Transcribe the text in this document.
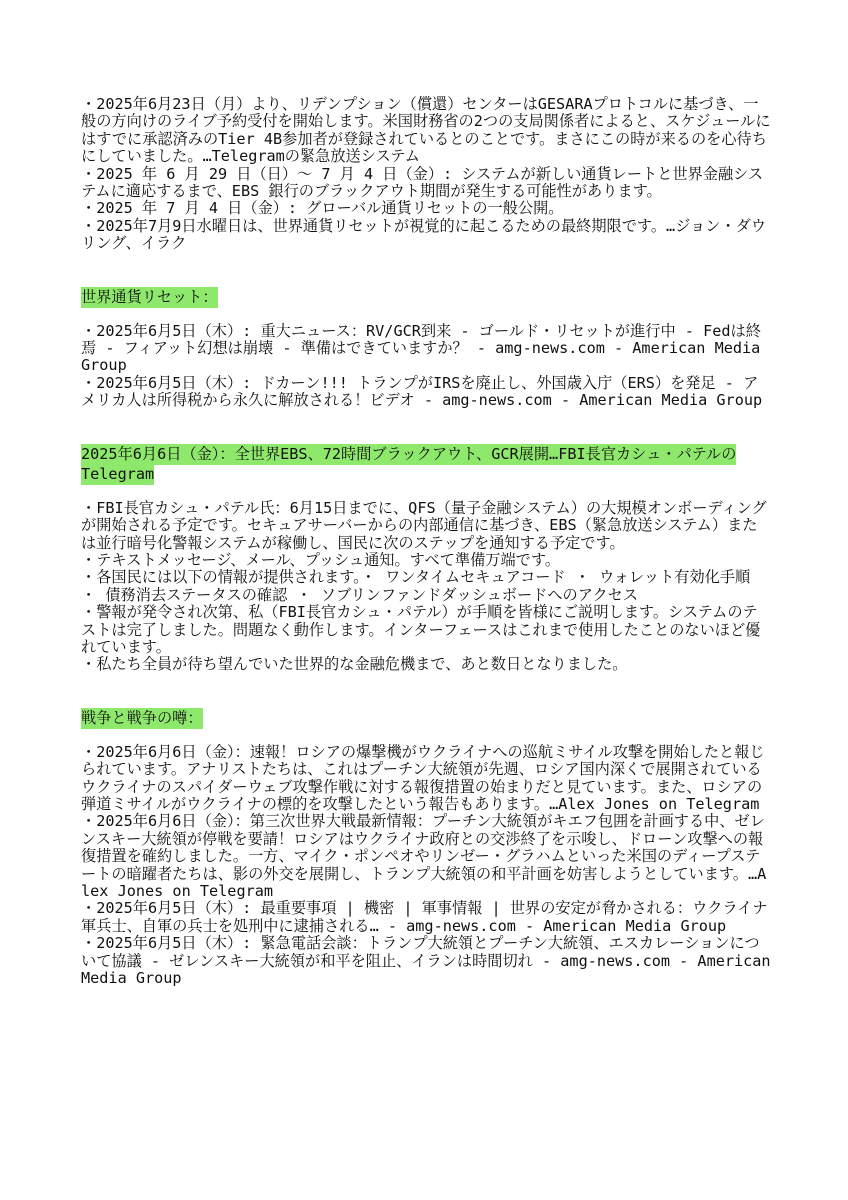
・2025年6月23日（月）より、リデンプション（償還）センターはGESARAプロトコルに基づき、一般の方向けのライブ予約受付を開始します。米国財務省の2つの支局関係者によると、スケジュールにはすでに承認済みのTier 4B参加者が登録されているとのことです。まさにこの時が来るのを心待ちにしていました。…Telegramの緊急放送システム

・2025 年 6 月 29 日（日）～ 7 月 4 日（金）: システムが新しい通貨レートと世界金融システムに適応するまで、EBS 銀行のブラックアウト期間が発生する可能性があります。

・2025 年 7 月 4 日（金）: グローバル通貨リセットの一般公開。

・2025年7月9日水曜日は、世界通貨リセットが視覚的に起こるための最終期限です。…ジョン・ダウリング、イラク

世界通貨リセット：

・2025年6月5日（木）: 重大ニュース：RV/GCR到来 - ゴールド・リセットが進行中 - Fedは終焉 - フィアット幻想は崩壊 - 準備はできていますか？ - amg-news.com - American Media Group

・2025年6月5日（木）: ドカーン!!! トランプがIRSを廃止し、外国歳入庁（ERS）を発足 - アメリカ人は所得税から永久に解放される！ビデオ - amg-news.com - American Media Group

2025年6月6日（金）：全世界EBS、72時間ブラックアウト、GCR展開…FBI長官カシュ・パテルのTelegram

・FBI長官カシュ・パテル氏：6月15日までに、QFS（量子金融システム）の大規模オンボーディングが開始される予定です。セキュアサーバーからの内部通信に基づき、EBS（緊急放送システム）または並行暗号化警報システムが稼働し、国民に次のステップを通知する予定です。

・テキストメッセージ、メール、プッシュ通知。すべて準備万端です。

・各国民には以下の情報が提供されます。・ ワンタイムセキュアコード ・ ウォレット有効化手順 ・ 債務消去ステータスの確認 ・ ソブリンファンドダッシュボードへのアクセス

・警報が発令され次第、私（FBI長官カシュ・パテル）が手順を皆様にご説明します。システムのテストは完了しました。問題なく動作します。インターフェースはこれまで使用したことのないほど優れています。

・私たち全員が待ち望んでいた世界的な金融危機まで、あと数日となりました。

戦争と戦争の噂：

・2025年6月6日（金）：速報！ロシアの爆撃機がウクライナへの巡航ミサイル攻撃を開始したと報じられています。アナリストたちは、これはプーチン大統領が先週、ロシア国内深くで展開されているウクライナのスパイダーウェブ攻撃作戦に対する報復措置の始まりだと見ています。また、ロシアの弾道ミサイルがウクライナの標的を攻撃したという報告もあります。…Alex Jones on Telegram

・2025年6月6日（金）：第三次世界大戦最新情報：プーチン大統領がキエフ包囲を計画する中、ゼレンスキー大統領が停戦を要請！ロシアはウクライナ政府との交渉終了を示唆し、ドローン攻撃への報復措置を確約しました。一方、マイク・ポンペオやリンゼー・グラハムといった米国のディープステートの暗躍者たちは、影の外交を展開し、トランプ大統領の和平計画を妨害しようとしています。…Alex Jones on Telegram

・2025年6月5日（木）: 最重要事項 | 機密 | 軍事情報 | 世界の安定が脅かされる：ウクライナ軍兵士、自軍の兵士を処刑中に逮捕される… - amg-news.com - American Media Group

・2025年6月5日（木）: 緊急電話会談：トランプ大統領とプーチン大統領、エスカレーションについて協議 - ゼレンスキー大統領が和平を阻止、イランは時間切れ - amg-news.com - American Media Group
